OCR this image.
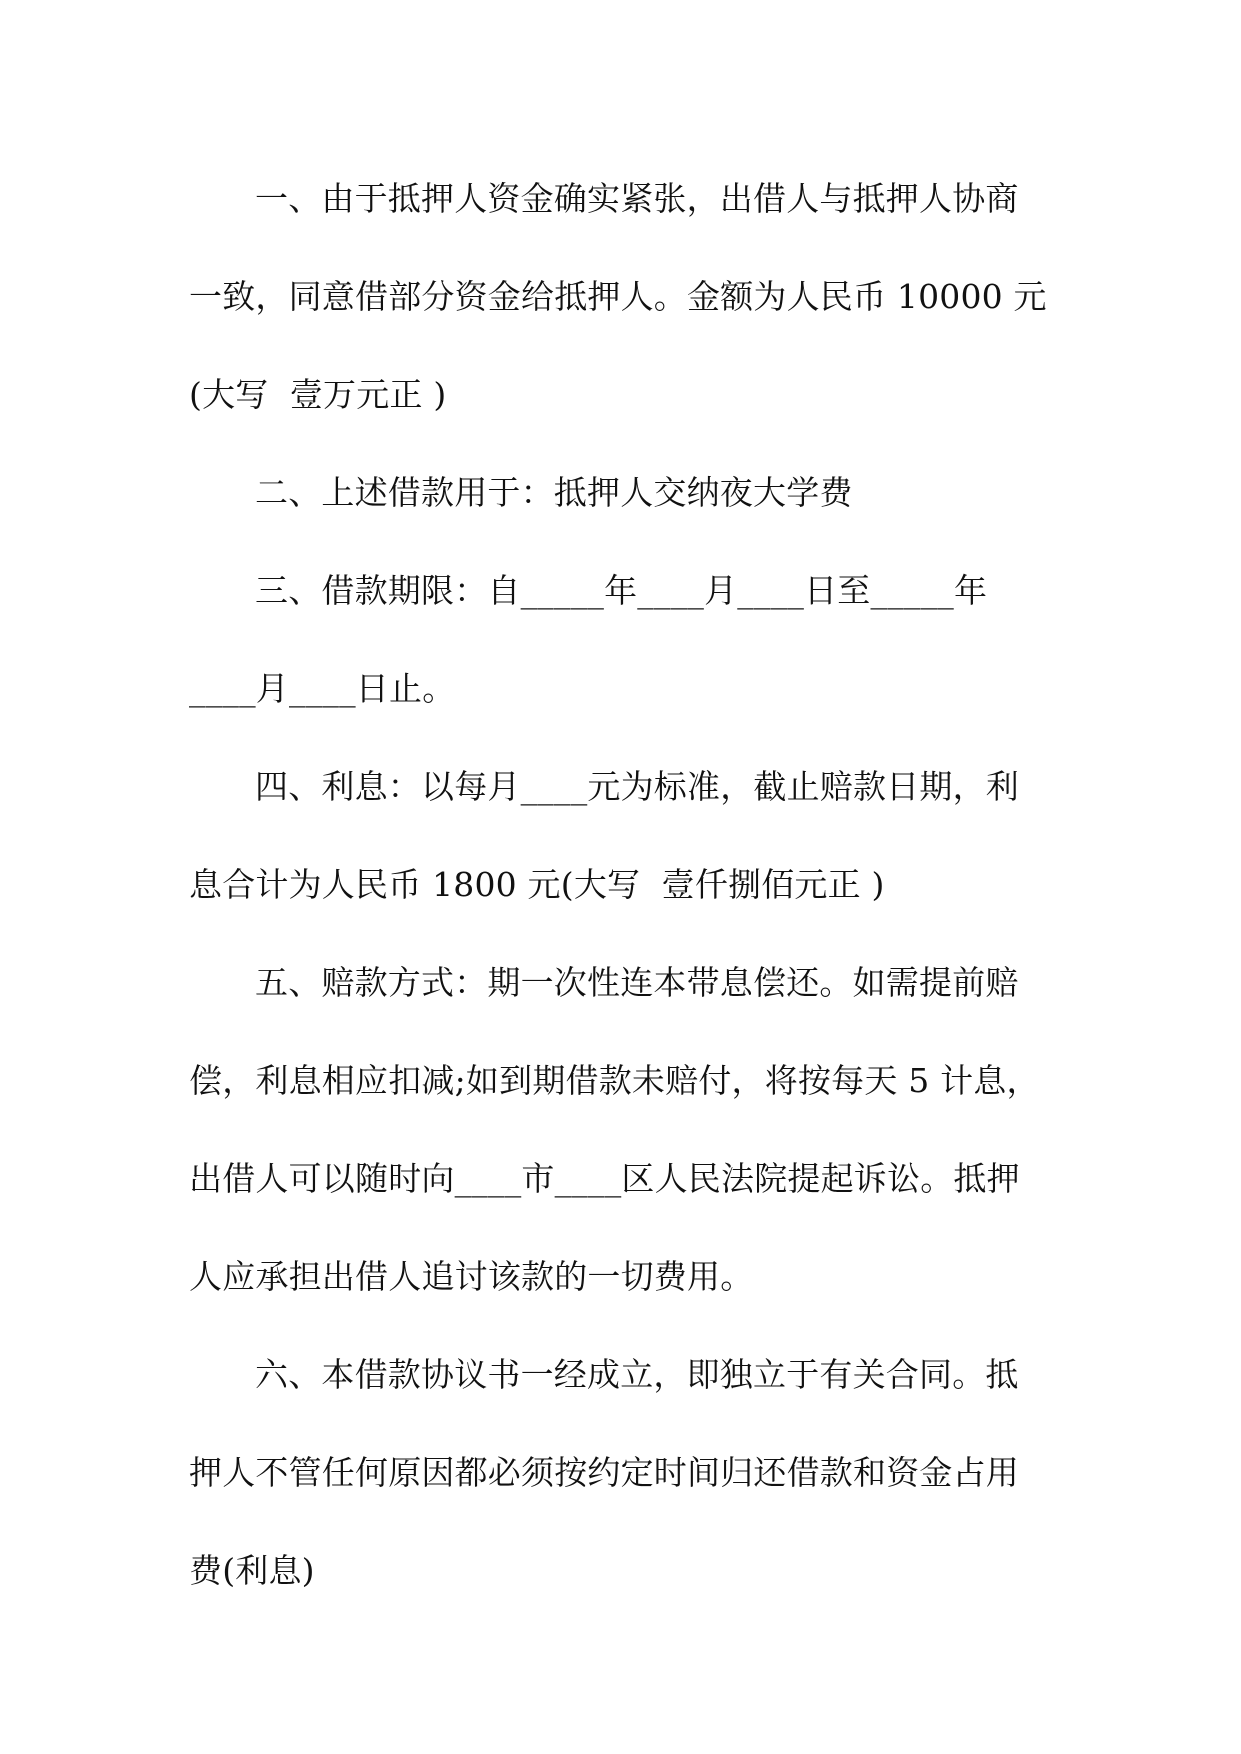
一、由于抵押人资金确实紧张，出借人与抵押人协商

一致，同意借部分资金给抵押人。金额为人民币 10000 元

(大写  壹万元正 )

二、上述借款用于：抵押人交纳夜大学费

三、借款期限：自_____年____月____日至_____年

____月____日止。

四、利息：以每月____元为标准，截止赔款日期，利

息合计为人民币 1800 元(大写  壹仟捌佰元正 )

五、赔款方式：期一次性连本带息偿还。如需提前赔

偿，利息相应扣减;如到期借款未赔付，将按每天 5 计息，

出借人可以随时向____市____区人民法院提起诉讼。抵押

人应承担出借人追讨该款的一切费用。

六、本借款协议书一经成立，即独立于有关合同。抵

押人不管任何原因都必须按约定时间归还借款和资金占用

费(利息)
